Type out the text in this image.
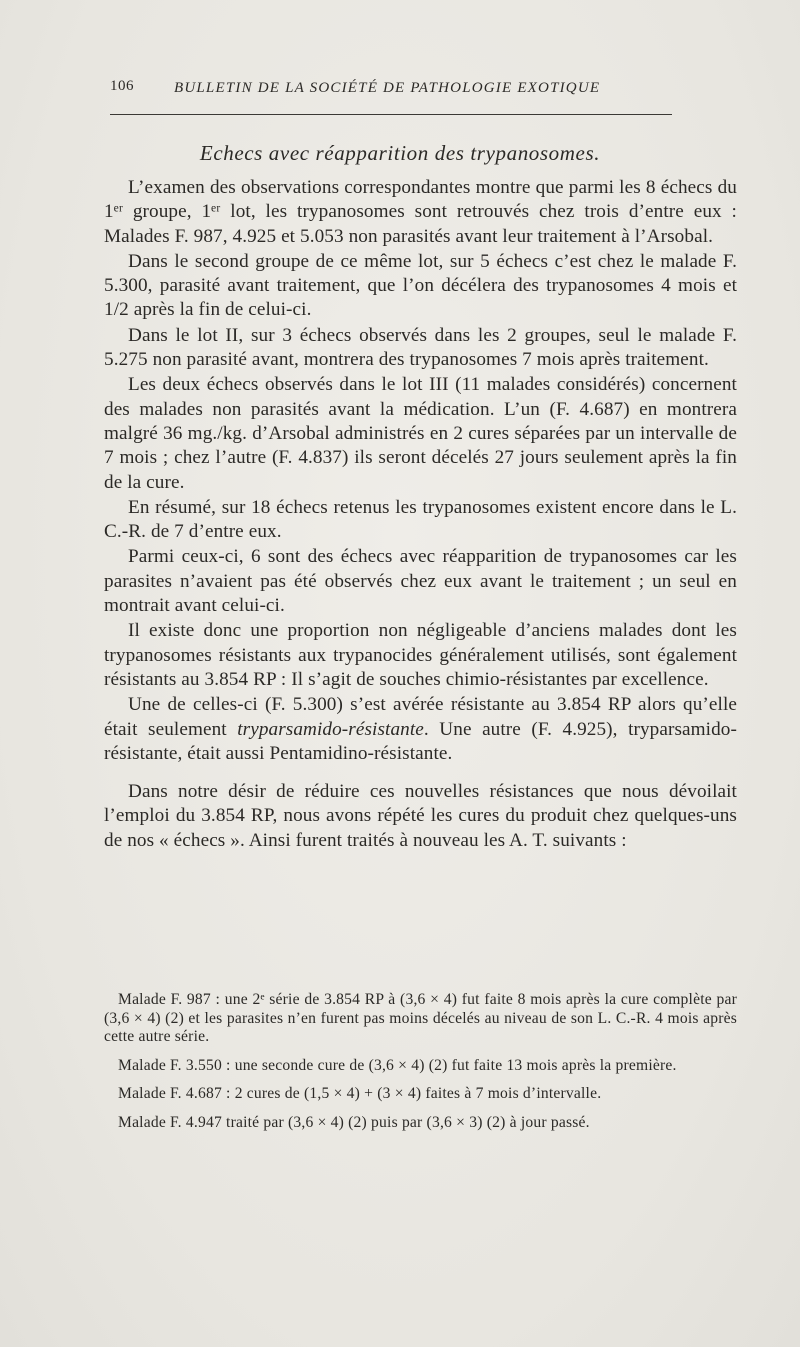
106	BULLETIN DE LA SOCIÉTÉ DE PATHOLOGIE EXOTIQUE
Echecs avec réapparition des trypanosomes.

L’examen des observations correspondantes montre que parmi les 8 échecs du 1ᵉʳ groupe, 1ᵉʳ lot, les trypanosomes sont retrouvés chez trois d’entre eux : Malades F. 987, 4.925 et 5.053 non parasités avant leur traitement à l’Arsobal.

Dans le second groupe de ce même lot, sur 5 échecs c’est chez le malade F. 5.300, parasité avant traitement, que l’on décélera des trypanosomes 4 mois et 1/2 après la fin de celui-ci.

Dans le lot II, sur 3 échecs observés dans les 2 groupes, seul le malade F. 5.275 non parasité avant, montrera des trypanosomes 7 mois après traitement.

Les deux échecs observés dans le lot III (11 malades considérés) concernent des malades non parasités avant la médication. L’un (F. 4.687) en montrera malgré 36 mg./kg. d’Arsobal administrés en 2 cures séparées par un intervalle de 7 mois ; chez l’autre (F. 4.837) ils seront décelés 27 jours seulement après la fin de la cure.

En résumé, sur 18 échecs retenus les trypanosomes existent encore dans le L. C.-R. de 7 d’entre eux.

Parmi ceux-ci, 6 sont des échecs avec réapparition de trypanosomes car les parasites n’avaient pas été observés chez eux avant le traitement ; un seul en montrait avant celui-ci.

Il existe donc une proportion non négligeable d’anciens malades dont les trypanosomes résistants aux trypanocides généralement utilisés, sont également résistants au 3.854 RP : Il s’agit de souches chimio-résistantes par excellence.

Une de celles-ci (F. 5.300) s’est avérée résistante au 3.854 RP alors qu’elle était seulement tryparsamido-résistante. Une autre (F. 4.925), tryparsamido-résistante, était aussi Pentamidino-résistante.

Dans notre désir de réduire ces nouvelles résistances que nous dévoilait l’emploi du 3.854 RP, nous avons répété les cures du produit chez quelques-uns de nos « échecs ». Ainsi furent traités à nouveau les A. T. suivants :

Malade F. 987 : une 2ᵉ série de 3.854 RP à (3,6 × 4) fut faite 8 mois après la cure complète par (3,6 × 4) (2) et les parasites n’en furent pas moins décelés au niveau de son L. C.-R. 4 mois après cette autre série.

Malade F. 3.550 : une seconde cure de (3,6 × 4) (2) fut faite 13 mois après la première.

Malade F. 4.687 : 2 cures de (1,5 × 4) + (3 × 4) faites à 7 mois d’intervalle.

Malade F. 4.947 traité par (3,6 × 4) (2) puis par (3,6 × 3) (2) à jour passé.
